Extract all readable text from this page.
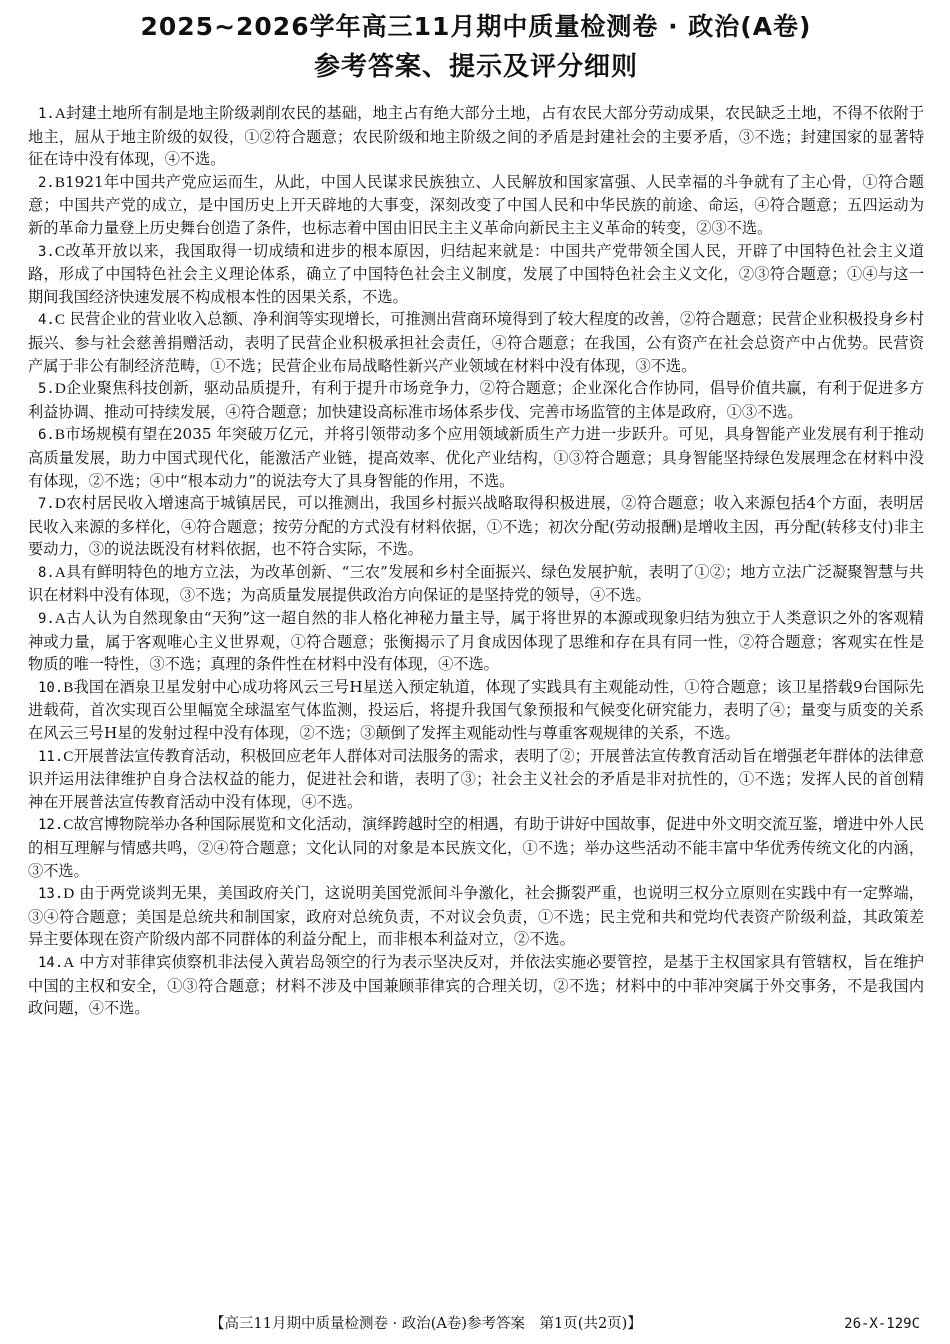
2025~2026学年高三11月期中质量检测卷 · 政治(A卷)
参考答案、提示及评分细则
1.A封建土地所有制是地主阶级剥削农民的基础，地主占有绝大部分土地，占有农民大部分劳动成果，农民缺乏土地，不得不依附于地主，屈从于地主阶级的奴役，①②符合题意；农民阶级和地主阶级之间的矛盾是封建社会的主要矛盾，③不选；封建国家的显著特征在诗中没有体现，④不选。
2.B1921年中国共产党应运而生，从此，中国人民谋求民族独立、人民解放和国家富强、人民幸福的斗争就有了主心骨，①符合题意；中国共产党的成立，是中国历史上开天辟地的大事变，深刻改变了中国人民和中华民族的前途、命运，④符合题意；五四运动为新的革命力量登上历史舞台创造了条件，也标志着中国由旧民主主义革命向新民主主义革命的转变，②③不选。
3.C改革开放以来，我国取得一切成绩和进步的根本原因，归结起来就是：中国共产党带领全国人民，开辟了中国特色社会主义道路，形成了中国特色社会主义理论体系，确立了中国特色社会主义制度，发展了中国特色社会主义文化，②③符合题意；①④与这一期间我国经济快速发展不构成根本性的因果关系，不选。
4.C 民营企业的营业收入总额、净利润等实现增长，可推测出营商环境得到了较大程度的改善，②符合题意；民营企业积极投身乡村振兴、参与社会慈善捐赠活动，表明了民营企业积极承担社会责任，④符合题意；在我国，公有资产在社会总资产中占优势。民营资产属于非公有制经济范畴，①不选；民营企业布局战略性新兴产业领域在材料中没有体现，③不选。
5.D企业聚焦科技创新，驱动品质提升，有利于提升市场竞争力，②符合题意；企业深化合作协同，倡导价值共赢，有利于促进多方利益协调、推动可持续发展，④符合题意；加快建设高标准市场体系步伐、完善市场监管的主体是政府，①③不选。
6.B市场规模有望在2035 年突破万亿元，并将引领带动多个应用领域新质生产力进一步跃升。可见，具身智能产业发展有利于推动高质量发展，助力中国式现代化，能激活产业链，提高效率、优化产业结构，①③符合题意；具身智能坚持绿色发展理念在材料中没有体现，②不选；④中“根本动力”的说法夸大了具身智能的作用，不选。
7.D农村居民收入增速高于城镇居民，可以推测出，我国乡村振兴战略取得积极进展，②符合题意；收入来源包括4个方面，表明居民收入来源的多样化，④符合题意；按劳分配的方式没有材料依据，①不选；初次分配(劳动报酬)是增收主因，再分配(转移支付)非主要动力，③的说法既没有材料依据，也不符合实际，不选。
8.A具有鲜明特色的地方立法，为改革创新、“三农”发展和乡村全面振兴、绿色发展护航，表明了①②；地方立法广泛凝聚智慧与共识在材料中没有体现，③不选；为高质量发展提供政治方向保证的是坚持党的领导，④不选。
9.A古人认为自然现象由“天狗”这一超自然的非人格化神秘力量主导，属于将世界的本源或现象归结为独立于人类意识之外的客观精神或力量，属于客观唯心主义世界观，①符合题意；张衡揭示了月食成因体现了思维和存在具有同一性，②符合题意；客观实在性是物质的唯一特性，③不选；真理的条件性在材料中没有体现，④不选。
10.B我国在酒泉卫星发射中心成功将风云三号H星送入预定轨道，体现了实践具有主观能动性，①符合题意；该卫星搭载9台国际先进载荷，首次实现百公里幅宽全球温室气体监测，投运后，将提升我国气象预报和气候变化研究能力，表明了④；量变与质变的关系在风云三号H星的发射过程中没有体现，②不选；③颠倒了发挥主观能动性与尊重客观规律的关系，不选。
11.C开展普法宣传教育活动，积极回应老年人群体对司法服务的需求，表明了②；开展普法宣传教育活动旨在增强老年群体的法律意识并运用法律维护自身合法权益的能力，促进社会和谐，表明了③；社会主义社会的矛盾是非对抗性的，①不选；发挥人民的首创精神在开展普法宣传教育活动中没有体现，④不选。
12.C故宫博物院举办各种国际展览和文化活动，演绎跨越时空的相遇，有助于讲好中国故事，促进中外文明交流互鉴，增进中外人民的相互理解与情感共鸣，②④符合题意；文化认同的对象是本民族文化，①不选；举办这些活动不能丰富中华优秀传统文化的内涵，③不选。
13.D 由于两党谈判无果，美国政府关门，这说明美国党派间斗争激化，社会撕裂严重，也说明三权分立原则在实践中有一定弊端，③④符合题意；美国是总统共和制国家，政府对总统负责，不对议会负责，①不选；民主党和共和党均代表资产阶级利益，其政策差异主要体现在资产阶级内部不同群体的利益分配上，而非根本利益对立，②不选。
14.A 中方对菲律宾侦察机非法侵入黄岩岛领空的行为表示坚决反对，并依法实施必要管控，是基于主权国家具有管辖权，旨在维护中国的主权和安全，①③符合题意；材料不涉及中国兼顾菲律宾的合理关切，②不选；材料中的中菲冲突属于外交事务，不是我国内政问题，④不选。
【高三11月期中质量检测卷 · 政治(A卷)参考答案　第1页(共2页)】	26-X-129C
